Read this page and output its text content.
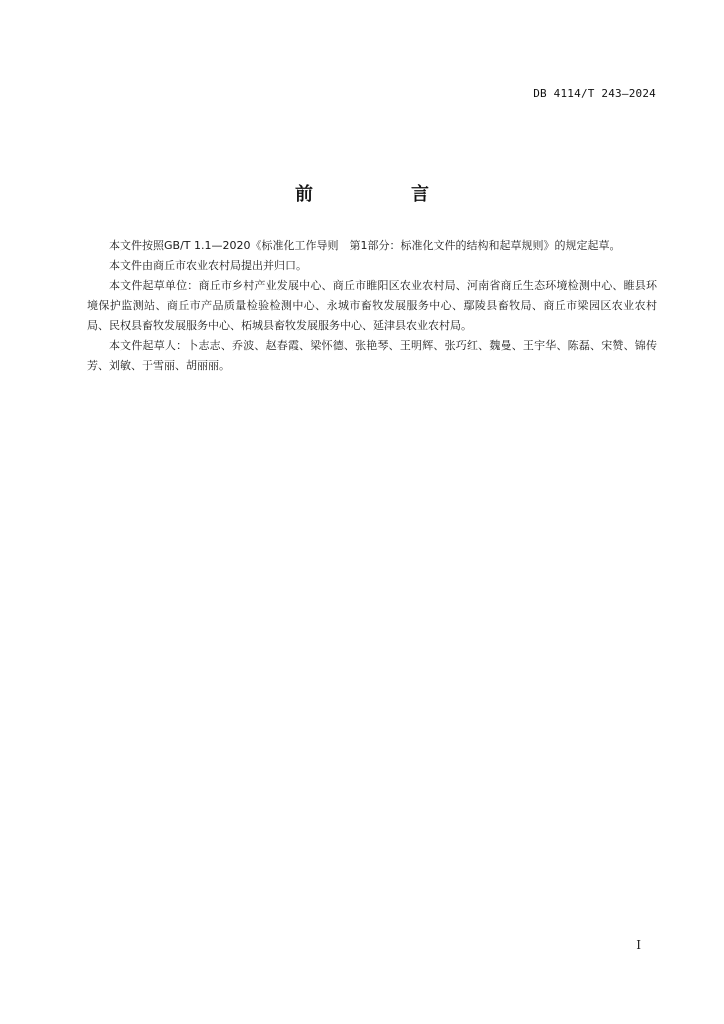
DB 4114/T 243—2024
前　言

本文件按照GB/T 1.1—2020《标准化工作导则　第1部分：标准化文件的结构和起草规则》的规定起草。

本文件由商丘市农业农村局提出并归口。

本文件起草单位：商丘市乡村产业发展中心、商丘市睢阳区农业农村局、河南省商丘生态环境检测中心、睢县环境保护监测站、商丘市产品质量检验检测中心、永城市畜牧发展服务中心、鄢陵县畜牧局、商丘市梁园区农业农村局、民权县畜牧发展服务中心、柘城县畜牧发展服务中心、延津县农业农村局。

本文件起草人：卜志志、乔波、赵春霞、梁怀德、张艳琴、王明辉、张巧红、魏曼、王宇华、陈磊、宋赞、锦传芳、刘敏、于雪丽、胡丽丽。

I
